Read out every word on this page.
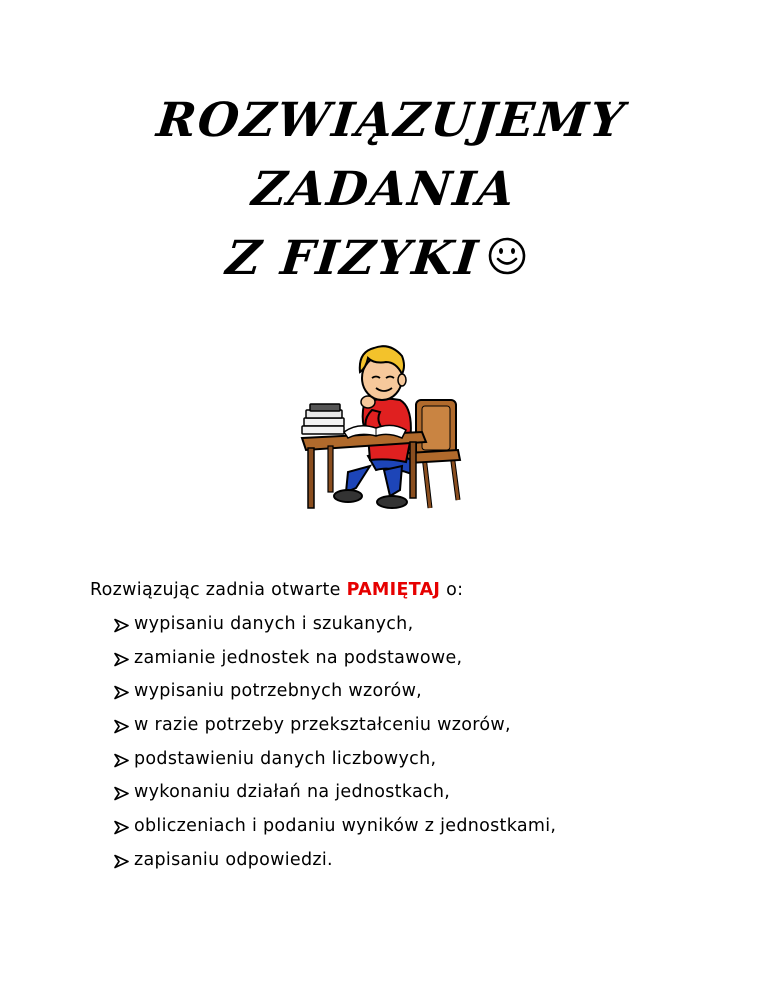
ROZWIĄZUJEMY
ZADANIA
Z FIZYKI
Rozwiązując zadnia otwarte PAMIĘTAJ o:
wypisaniu danych i szukanych,
zamianie jednostek na podstawowe,
wypisaniu potrzebnych wzorów,
w razie potrzeby przekształceniu wzorów,
podstawieniu danych liczbowych,
wykonaniu działań na jednostkach,
obliczeniach i podaniu wyników z jednostkami,
zapisaniu odpowiedzi.
